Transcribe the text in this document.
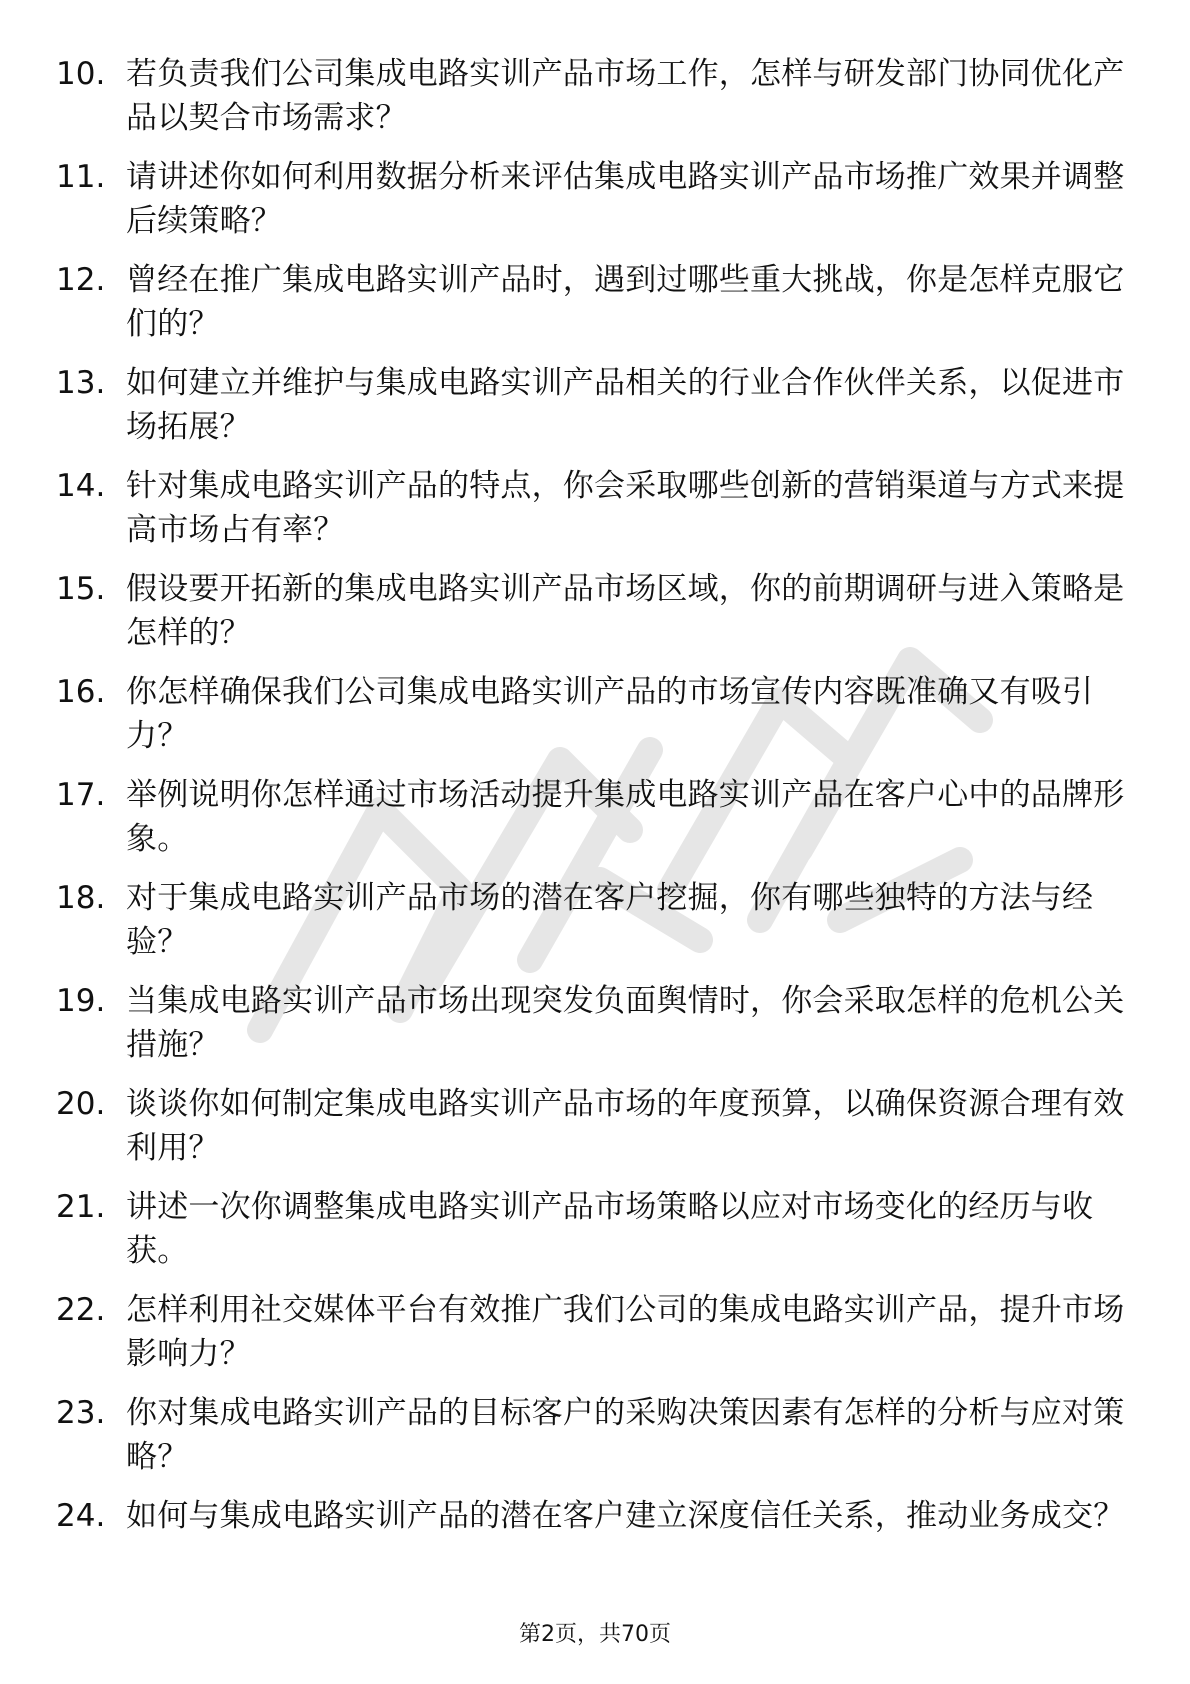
10. 若负责我们公司集成电路实训产品市场工作，怎样与研发部门协同优化产品以契合市场需求？
11. 请讲述你如何利用数据分析来评估集成电路实训产品市场推广效果并调整后续策略？
12. 曾经在推广集成电路实训产品时，遇到过哪些重大挑战，你是怎样克服它们的？
13. 如何建立并维护与集成电路实训产品相关的行业合作伙伴关系，以促进市场拓展？
14. 针对集成电路实训产品的特点，你会采取哪些创新的营销渠道与方式来提高市场占有率？
15. 假设要开拓新的集成电路实训产品市场区域，你的前期调研与进入策略是怎样的？
16. 你怎样确保我们公司集成电路实训产品的市场宣传内容既准确又有吸引力？
17. 举例说明你怎样通过市场活动提升集成电路实训产品在客户心中的品牌形象。
18. 对于集成电路实训产品市场的潜在客户挖掘，你有哪些独特的方法与经验？
19. 当集成电路实训产品市场出现突发负面舆情时，你会采取怎样的危机公关措施？
20. 谈谈你如何制定集成电路实训产品市场的年度预算，以确保资源合理有效利用？
21. 讲述一次你调整集成电路实训产品市场策略以应对市场变化的经历与收获。
22. 怎样利用社交媒体平台有效推广我们公司的集成电路实训产品，提升市场影响力？
23. 你对集成电路实训产品的目标客户的采购决策因素有怎样的分析与应对策略？
24. 如何与集成电路实训产品的潜在客户建立深度信任关系，推动业务成交？
第2页，共70页
